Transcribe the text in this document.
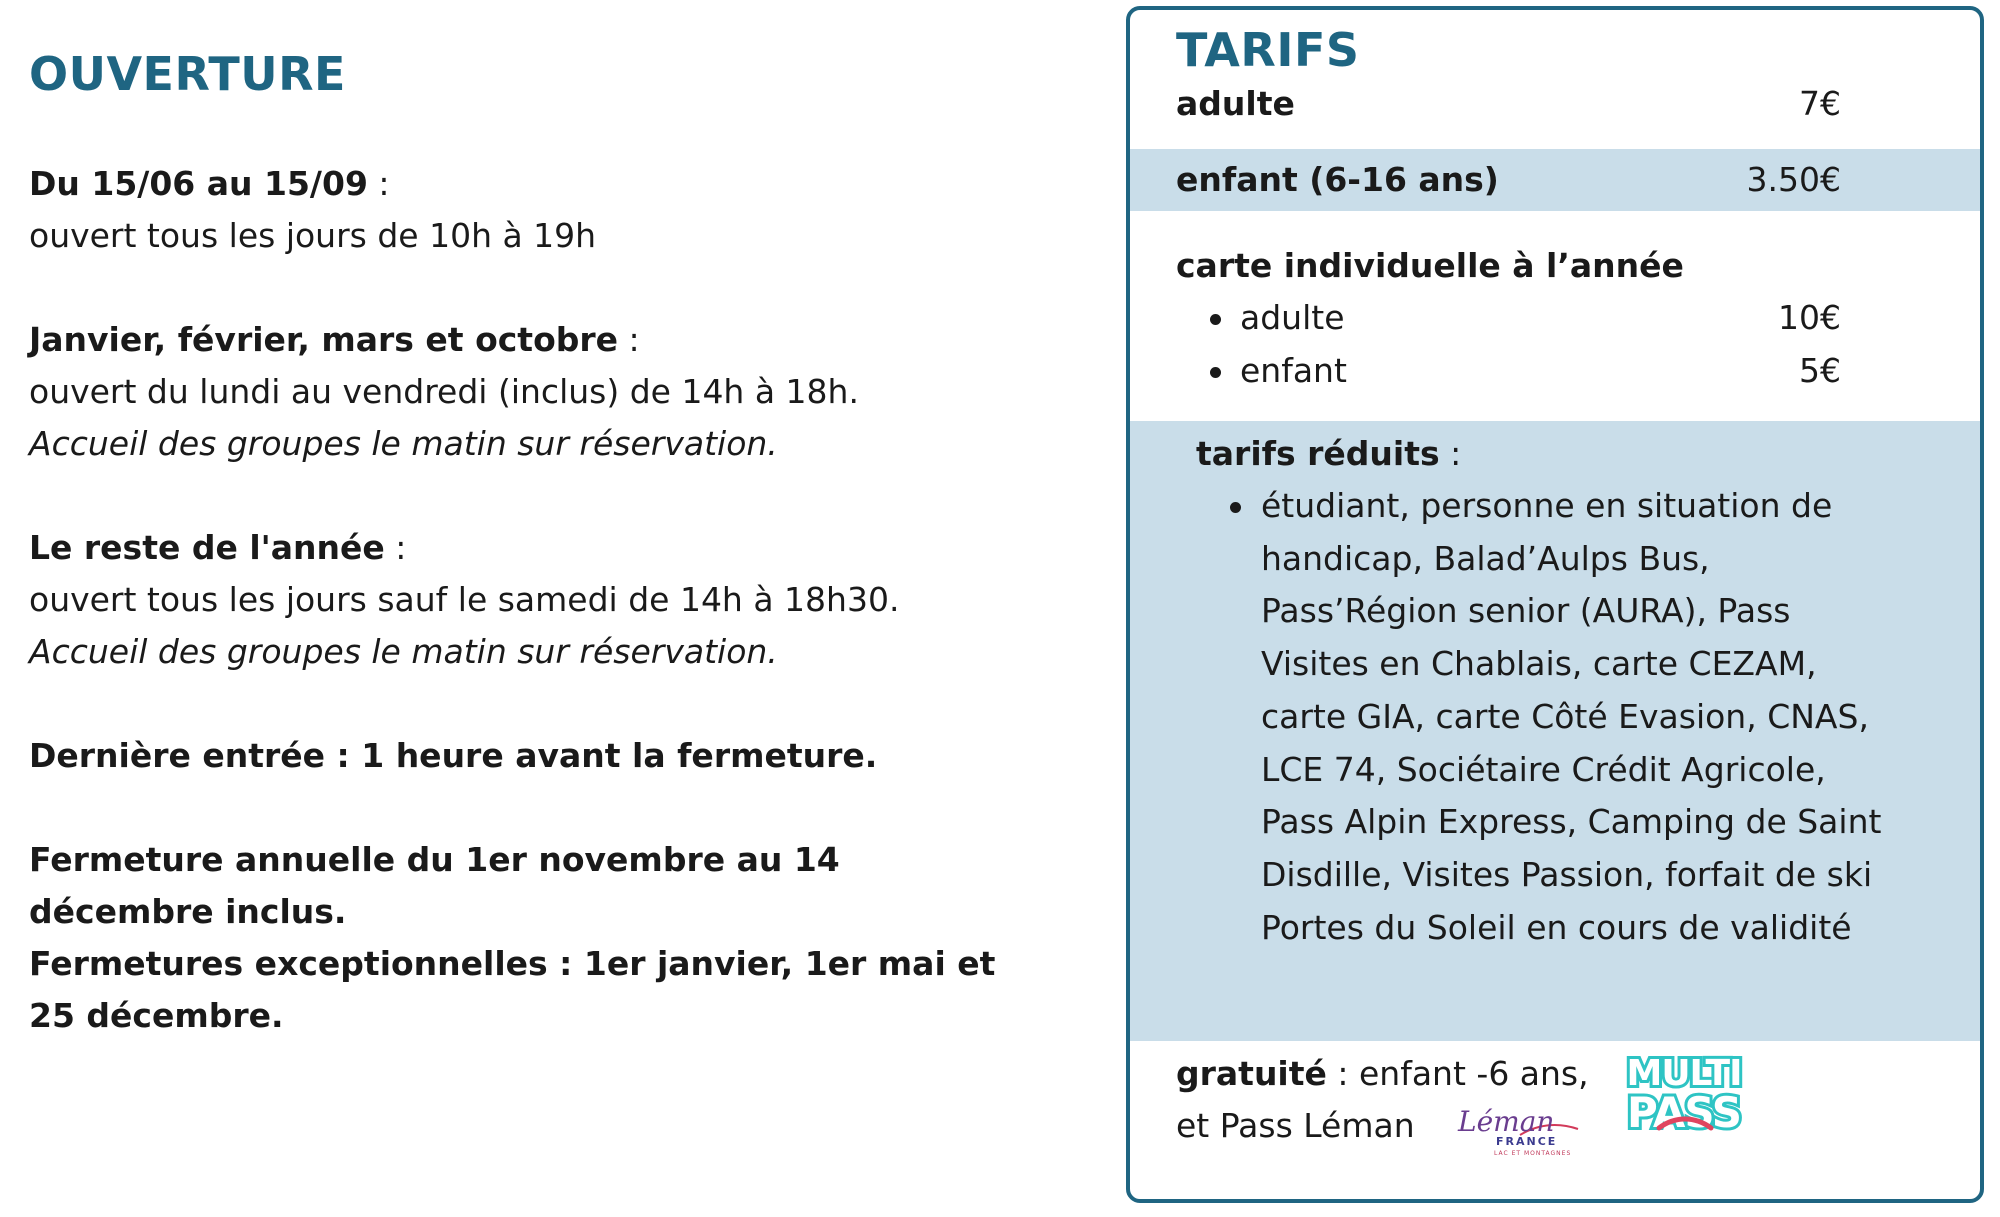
OUVERTURE

Du 15/06 au 15/09 :

ouvert tous les jours de 10h à 19h

Janvier, février, mars et octobre :

ouvert du lundi au vendredi (inclus) de 14h à 18h.

Accueil des groupes le matin sur réservation.

Le reste de l'année :

ouvert tous les jours sauf le samedi de 14h à 18h30.

Accueil des groupes le matin sur réservation.

Dernière entrée : 1 heure avant la fermeture.

Fermeture annuelle du 1er novembre au 14 décembre inclus.

Fermetures exceptionnelles : 1er janvier, 1er mai et 25 décembre.

TARIFS
adulte	7€
enfant (6-16 ans)	3.50€
carte individuelle à l’année
adulte	10€
enfant	5€
tarifs réduits :
étudiant, personne en situation de handicap, Balad’Aulps Bus, Pass’Région senior (AURA), Pass Visites en Chablais, carte CEZAM, carte GIA, carte Côté Evasion, CNAS, LCE 74, Sociétaire Crédit Agricole, Pass Alpin Express, Camping de Saint Disdille, Visites Passion, forfait de ski Portes du Soleil en cours de validité
gratuité : enfant -6 ans,
et Pass Léman	Léman
FRANCE
LAC ET MONTAGNES
MULTI
PASS
